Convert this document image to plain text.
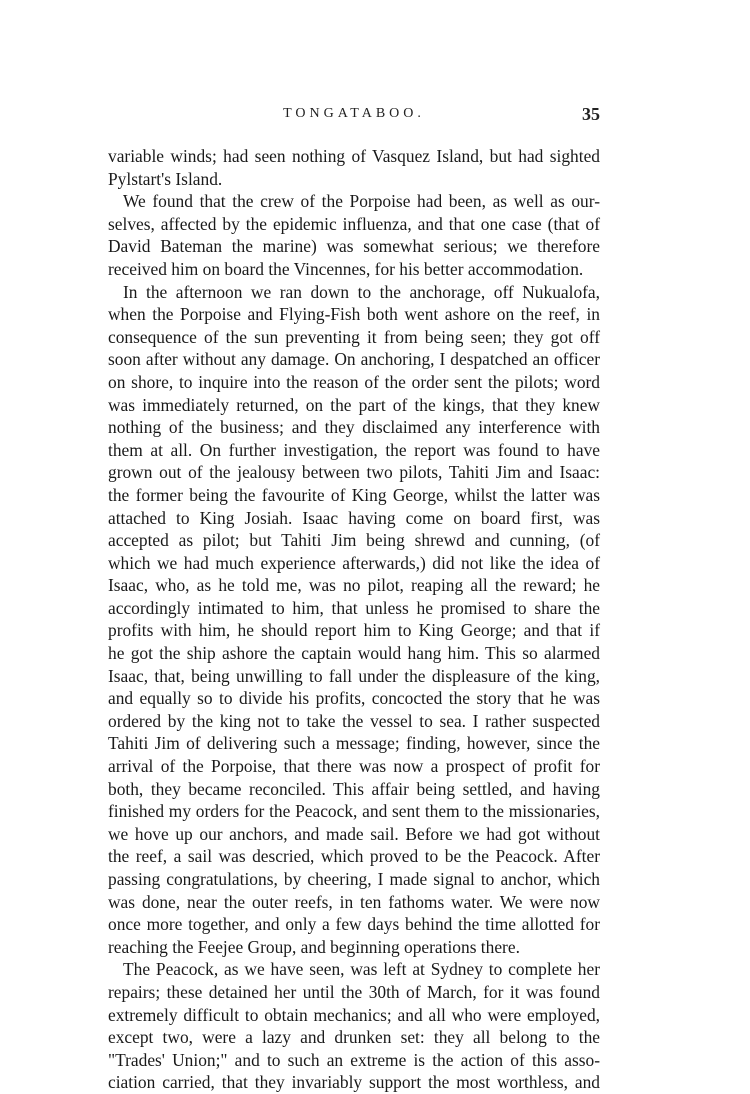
TONGATABOO.	35
variable winds; had seen nothing of Vasquez Island, but had sighted
Pylstart's Island.
We found that the crew of the Porpoise had been, as well as our-
selves, affected by the epidemic influenza, and that one case (that of
David Bateman the marine) was somewhat serious; we therefore
received him on board the Vincennes, for his better accommodation.
In the afternoon we ran down to the anchorage, off Nukualofa,
when the Porpoise and Flying-Fish both went ashore on the reef, in
consequence of the sun preventing it from being seen; they got off
soon after without any damage. On anchoring, I despatched an officer
on shore, to inquire into the reason of the order sent the pilots; word
was immediately returned, on the part of the kings, that they knew
nothing of the business; and they disclaimed any interference with
them at all. On further investigation, the report was found to have
grown out of the jealousy between two pilots, Tahiti Jim and Isaac:
the former being the favourite of King George, whilst the latter was
attached to King Josiah. Isaac having come on board first, was
accepted as pilot; but Tahiti Jim being shrewd and cunning, (of
which we had much experience afterwards,) did not like the idea of
Isaac, who, as he told me, was no pilot, reaping all the reward; he
accordingly intimated to him, that unless he promised to share the
profits with him, he should report him to King George; and that if
he got the ship ashore the captain would hang him. This so alarmed
Isaac, that, being unwilling to fall under the displeasure of the king,
and equally so to divide his profits, concocted the story that he was
ordered by the king not to take the vessel to sea. I rather suspected
Tahiti Jim of delivering such a message; finding, however, since the
arrival of the Porpoise, that there was now a prospect of profit for
both, they became reconciled. This affair being settled, and having
finished my orders for the Peacock, and sent them to the missionaries,
we hove up our anchors, and made sail. Before we had got without
the reef, a sail was descried, which proved to be the Peacock. After
passing congratulations, by cheering, I made signal to anchor, which
was done, near the outer reefs, in ten fathoms water. We were now
once more together, and only a few days behind the time allotted for
reaching the Feejee Group, and beginning operations there.
The Peacock, as we have seen, was left at Sydney to complete her
repairs; these detained her until the 30th of March, for it was found
extremely difficult to obtain mechanics; and all who were employed,
except two, were a lazy and drunken set: they all belong to the
"Trades' Union;" and to such an extreme is the action of this asso-
ciation carried, that they invariably support the most worthless, and
